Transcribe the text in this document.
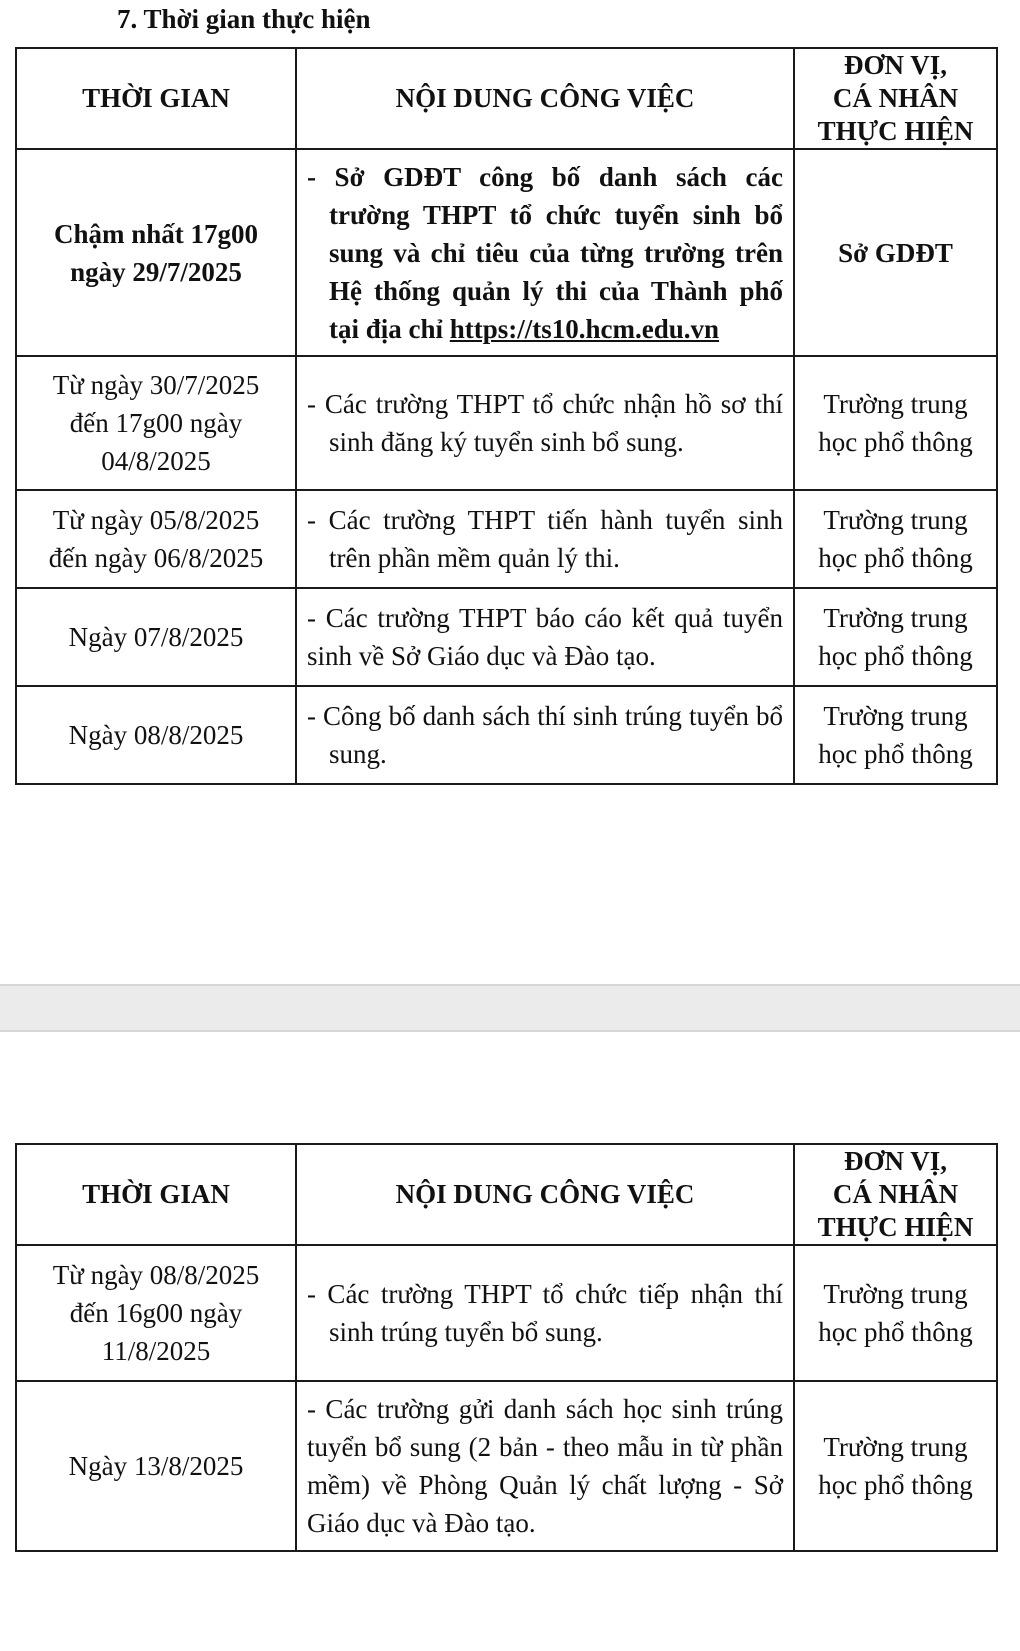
7. Thời gian thực hiện
THỜI GIAN	NỘI DUNG CÔNG VIỆC	ĐƠN VỊ,
CÁ NHÂN
THỰC HIỆN

Chậm nhất 17g00
ngày 29/7/2025	- Sở GDĐT công bố danh sách các trường THPT tổ chức tuyển sinh bổ sung và chỉ tiêu của từng trường trên Hệ thống quản lý thi của Thành phố tại địa chỉ https://ts10.hcm.edu.vn	Sở GDĐT

Từ ngày 30/7/2025
đến 17g00 ngày
04/8/2025	- Các trường THPT tổ chức nhận hồ sơ thí sinh đăng ký tuyển sinh bổ sung.	Trường trung học phổ thông

Từ ngày 05/8/2025
đến ngày 06/8/2025	- Các trường THPT tiến hành tuyển sinh trên phần mềm quản lý thi.	Trường trung học phổ thông
Ngày 07/8/2025	- Các trường THPT báo cáo kết quả tuyển sinh về Sở Giáo dục và Đào tạo.	Trường trung học phổ thông
Ngày 08/8/2025	- Công bố danh sách thí sinh trúng tuyển bổ sung.	Trường trung học phổ thông
THỜI GIAN	NỘI DUNG CÔNG VIỆC	ĐƠN VỊ,
CÁ NHÂN
THỰC HIỆN

Từ ngày 08/8/2025
đến 16g00 ngày
11/8/2025	- Các trường THPT tổ chức tiếp nhận thí sinh trúng tuyển bổ sung.	Trường trung học phổ thông
Ngày 13/8/2025	- Các trường gửi danh sách học sinh trúng tuyển bổ sung (2 bản - theo mẫu in từ phần mềm) về Phòng Quản lý chất lượng - Sở Giáo dục và Đào tạo.	Trường trung học phổ thông
